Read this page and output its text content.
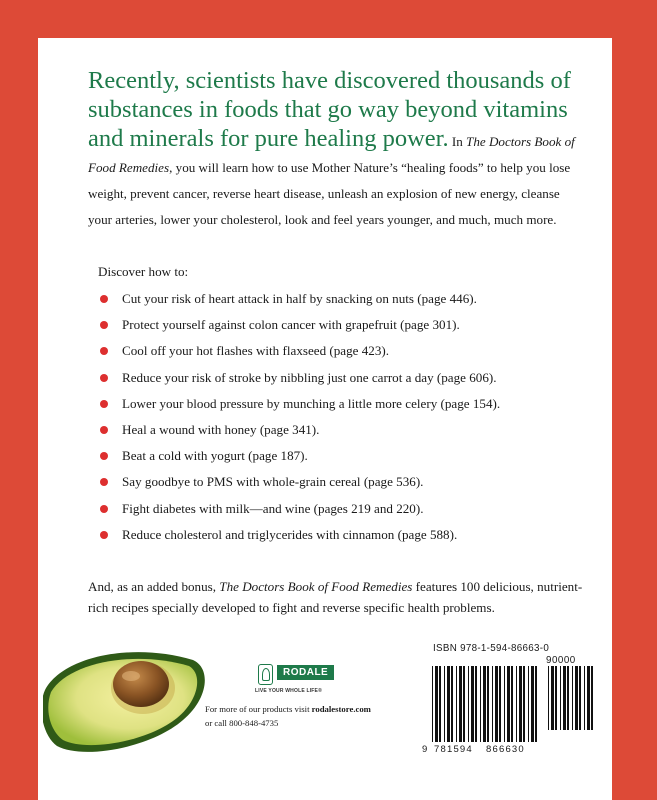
Recently, scientists have discovered thousands of substances in foods that go way beyond vitamins and minerals for pure healing power. In The Doctors Book of Food Remedies, you will learn how to use Mother Nature’s “healing foods” to help you lose weight, prevent cancer, reverse heart disease, unleash an explosion of new energy, cleanse your arteries, lower your cholesterol, look and feel years younger, and much, much more.

Discover how to:

Cut your risk of heart attack in half by snacking on nuts (page 446).
Protect yourself against colon cancer with grapefruit (page 301).
Cool off your hot flashes with flaxseed (page 423).
Reduce your risk of stroke by nibbling just one carrot a day (page 606).
Lower your blood pressure by munching a little more celery (page 154).
Heal a wound with honey (page 341).
Beat a cold with yogurt (page 187).
Say goodbye to PMS with whole-grain cereal (page 536).
Fight diabetes with milk—and wine (pages 219 and 220).
Reduce cholesterol and triglycerides with cinnamon (page 588).

And, as an added bonus, The Doctors Book of Food Remedies features 100 delicious, nutrient-rich recipes specially developed to fight and reverse specific health problems.

RODALE
LIVE YOUR WHOLE LIFE®
For more of our products visit rodalestore.com
or call 800-848-4735
ISBN 978-1-594-86663-0
90000
9 781594 866630
